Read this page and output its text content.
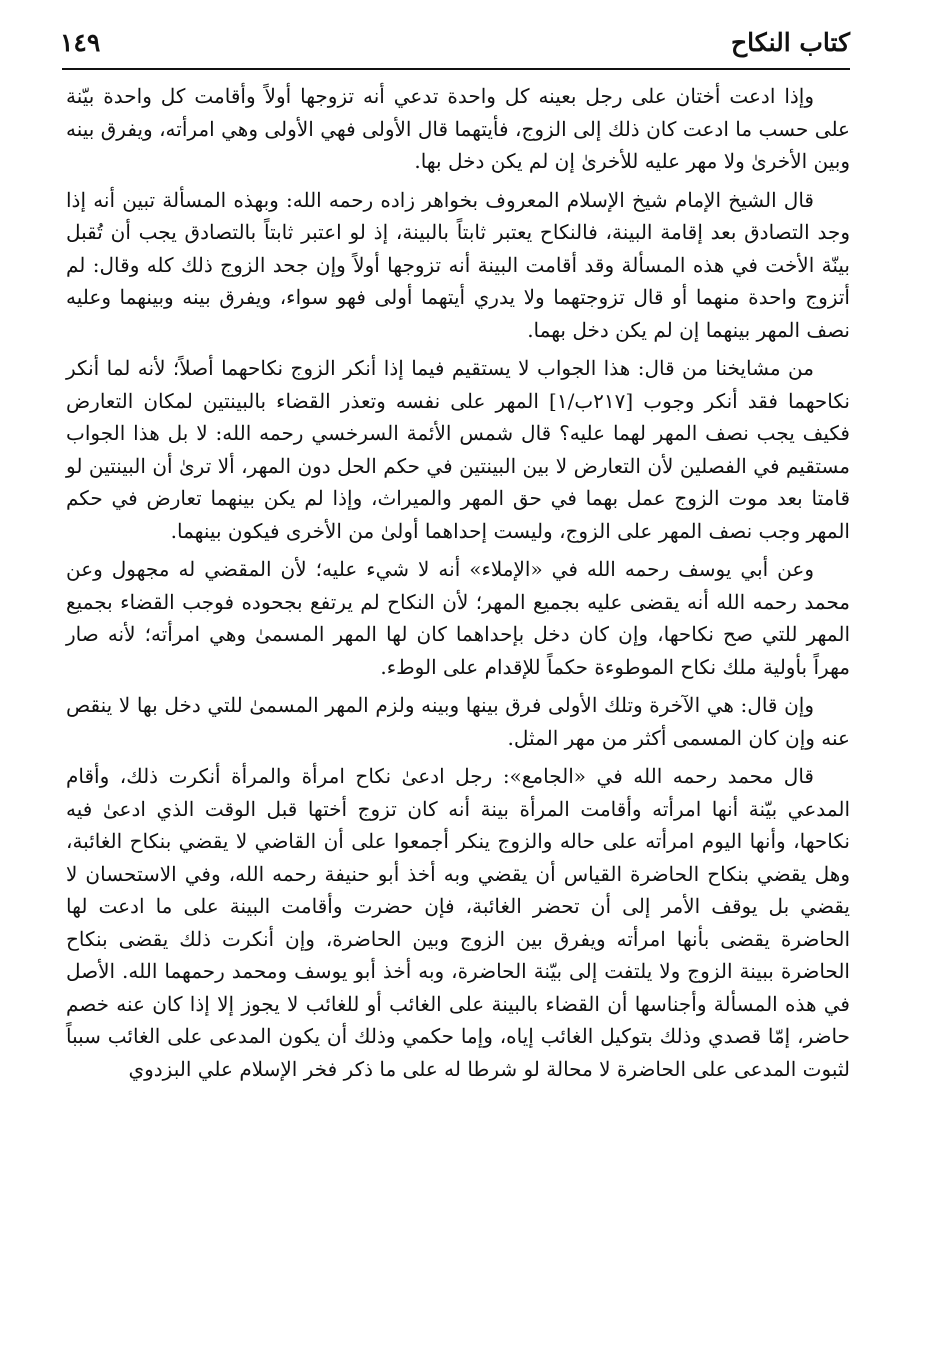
كتاب النكاح
١٤٩

وإذا ادعت أختان على رجل بعينه كل واحدة تدعي أنه تزوجها أولاً وأقامت كل واحدة بيّنة على حسب ما ادعت كان ذلك إلى الزوج، فأيتهما قال الأولى فهي الأولى وهي امرأته، ويفرق بينه وبين الأخرىٰ ولا مهر عليه للأخرىٰ إن لم يكن دخل بها.

قال الشيخ الإمام شيخ الإسلام المعروف بخواهر زاده رحمه الله: وبهذه المسألة تبين أنه إذا وجد التصادق بعد إقامة البينة، فالنكاح يعتبر ثابتاً بالبينة، إذ لو اعتبر ثابتاً بالتصادق يجب أن تُقبل بينّة الأخت في هذه المسألة وقد أقامت البينة أنه تزوجها أولاً وإن جحد الزوج ذلك كله وقال: لم أتزوج واحدة منهما أو قال تزوجتهما ولا يدري أيتهما أولى فهو سواء، ويفرق بينه وبينهما وعليه نصف المهر بينهما إن لم يكن دخل بهما.

من مشايخنا من قال: هذا الجواب لا يستقيم فيما إذا أنكر الزوج نكاحهما أصلاً؛ لأنه لما أنكر نكاحهما فقد أنكر وجوب [٢١٧ب/١] المهر على نفسه وتعذر القضاء بالبينتين لمكان التعارض فكيف يجب نصف المهر لهما عليه؟ قال شمس الأئمة السرخسي رحمه الله: لا بل هذا الجواب مستقيم في الفصلين لأن التعارض لا بين البينتين في حكم الحل دون المهر، ألا ترىٰ أن البينتين لو قامتا بعد موت الزوج عمل بهما في حق المهر والميراث، وإذا لم يكن بينهما تعارض في حكم المهر وجب نصف المهر على الزوج، وليست إحداهما أولىٰ من الأخرى فيكون بينهما.

وعن أبي يوسف رحمه الله في «الإملاء» أنه لا شيء عليه؛ لأن المقضي له مجهول وعن محمد رحمه الله أنه يقضى عليه بجميع المهر؛ لأن النكاح لم يرتفع بجحوده فوجب القضاء بجميع المهر للتي صح نكاحها، وإن كان دخل بإحداهما كان لها المهر المسمىٰ وهي امرأته؛ لأنه صار مهراً بأولية ملك نكاح الموطوءة حكماً للإقدام على الوطء.

وإن قال: هي الآخرة وتلك الأولى فرق بينها وبينه ولزم المهر المسمىٰ للتي دخل بها لا ينقص عنه وإن كان المسمى أكثر من مهر المثل.

قال محمد رحمه الله في «الجامع»: رجل ادعىٰ نكاح امرأة والمرأة أنكرت ذلك، وأقام المدعي بيّنة أنها امرأته وأقامت المرأة بينة أنه كان تزوج أختها قبل الوقت الذي ادعىٰ فيه نكاحها، وأنها اليوم امرأته على حاله والزوج ينكر أجمعوا على أن القاضي لا يقضي بنكاح الغائبة، وهل يقضي بنكاح الحاضرة القياس أن يقضي وبه أخذ أبو حنيفة رحمه الله، وفي الاستحسان لا يقضي بل يوقف الأمر إلى أن تحضر الغائبة، فإن حضرت وأقامت البينة على ما ادعت لها الحاضرة يقضى بأنها امرأته ويفرق بين الزوج وبين الحاضرة، وإن أنكرت ذلك يقضى بنكاح الحاضرة ببينة الزوج ولا يلتفت إلى بيّنة الحاضرة، وبه أخذ أبو يوسف ومحمد رحمهما الله. الأصل في هذه المسألة وأجناسها أن القضاء بالبينة على الغائب أو للغائب لا يجوز إلا إذا كان عنه خصم حاضر، إمّا قصدي وذلك بتوكيل الغائب إياه، وإما حكمي وذلك أن يكون المدعى على الغائب سبباً لثبوت المدعى على الحاضرة لا محالة لو شرطا له على ما ذكر فخر الإسلام علي البزدوي
